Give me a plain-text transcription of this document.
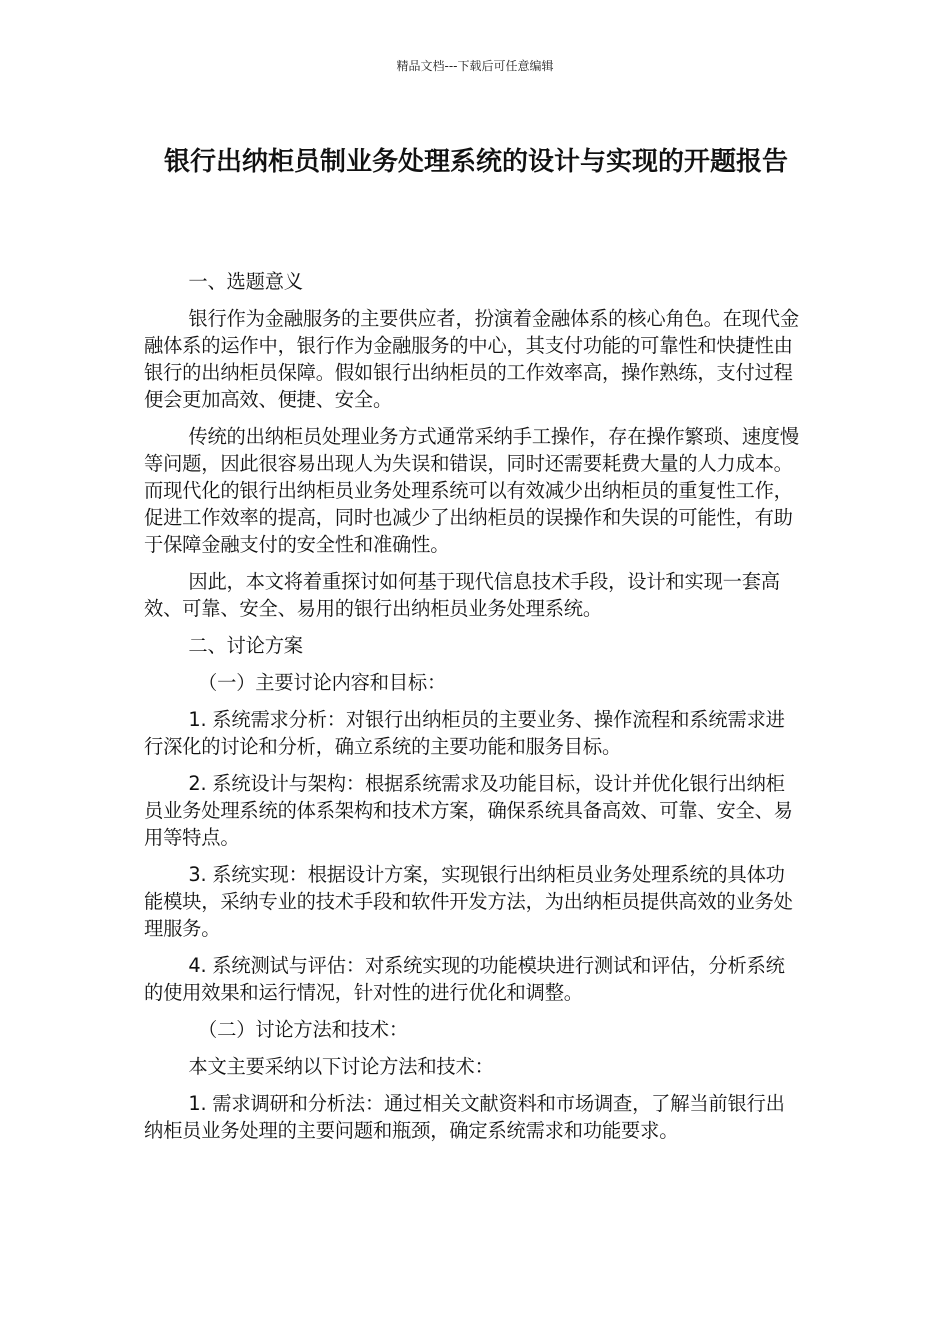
精品文档---下载后可任意编辑
银行出纳柜员制业务处理系统的设计与实现的开题报告

一、选题意义

银行作为金融服务的主要供应者，扮演着金融体系的核心角色。在现代金融体系的运作中，银行作为金融服务的中心，其支付功能的可靠性和快捷性由银行的出纳柜员保障。假如银行出纳柜员的工作效率高，操作熟练，支付过程便会更加高效、便捷、安全。

传统的出纳柜员处理业务方式通常采纳手工操作，存在操作繁琐、速度慢等问题，因此很容易出现人为失误和错误，同时还需要耗费大量的人力成本。而现代化的银行出纳柜员业务处理系统可以有效减少出纳柜员的重复性工作，促进工作效率的提高，同时也减少了出纳柜员的误操作和失误的可能性，有助于保障金融支付的安全性和准确性。

因此，本文将着重探讨如何基于现代信息技术手段，设计和实现一套高效、可靠、安全、易用的银行出纳柜员业务处理系统。

二、讨论方案

（一）主要讨论内容和目标：

1. 系统需求分析：对银行出纳柜员的主要业务、操作流程和系统需求进行深化的讨论和分析，确立系统的主要功能和服务目标。

2. 系统设计与架构：根据系统需求及功能目标，设计并优化银行出纳柜员业务处理系统的体系架构和技术方案，确保系统具备高效、可靠、安全、易用等特点。

3. 系统实现：根据设计方案，实现银行出纳柜员业务处理系统的具体功能模块，采纳专业的技术手段和软件开发方法，为出纳柜员提供高效的业务处理服务。

4. 系统测试与评估：对系统实现的功能模块进行测试和评估，分析系统的使用效果和运行情况，针对性的进行优化和调整。

（二）讨论方法和技术：

本文主要采纳以下讨论方法和技术：

1. 需求调研和分析法：通过相关文献资料和市场调查，了解当前银行出纳柜员业务处理的主要问题和瓶颈，确定系统需求和功能要求。
